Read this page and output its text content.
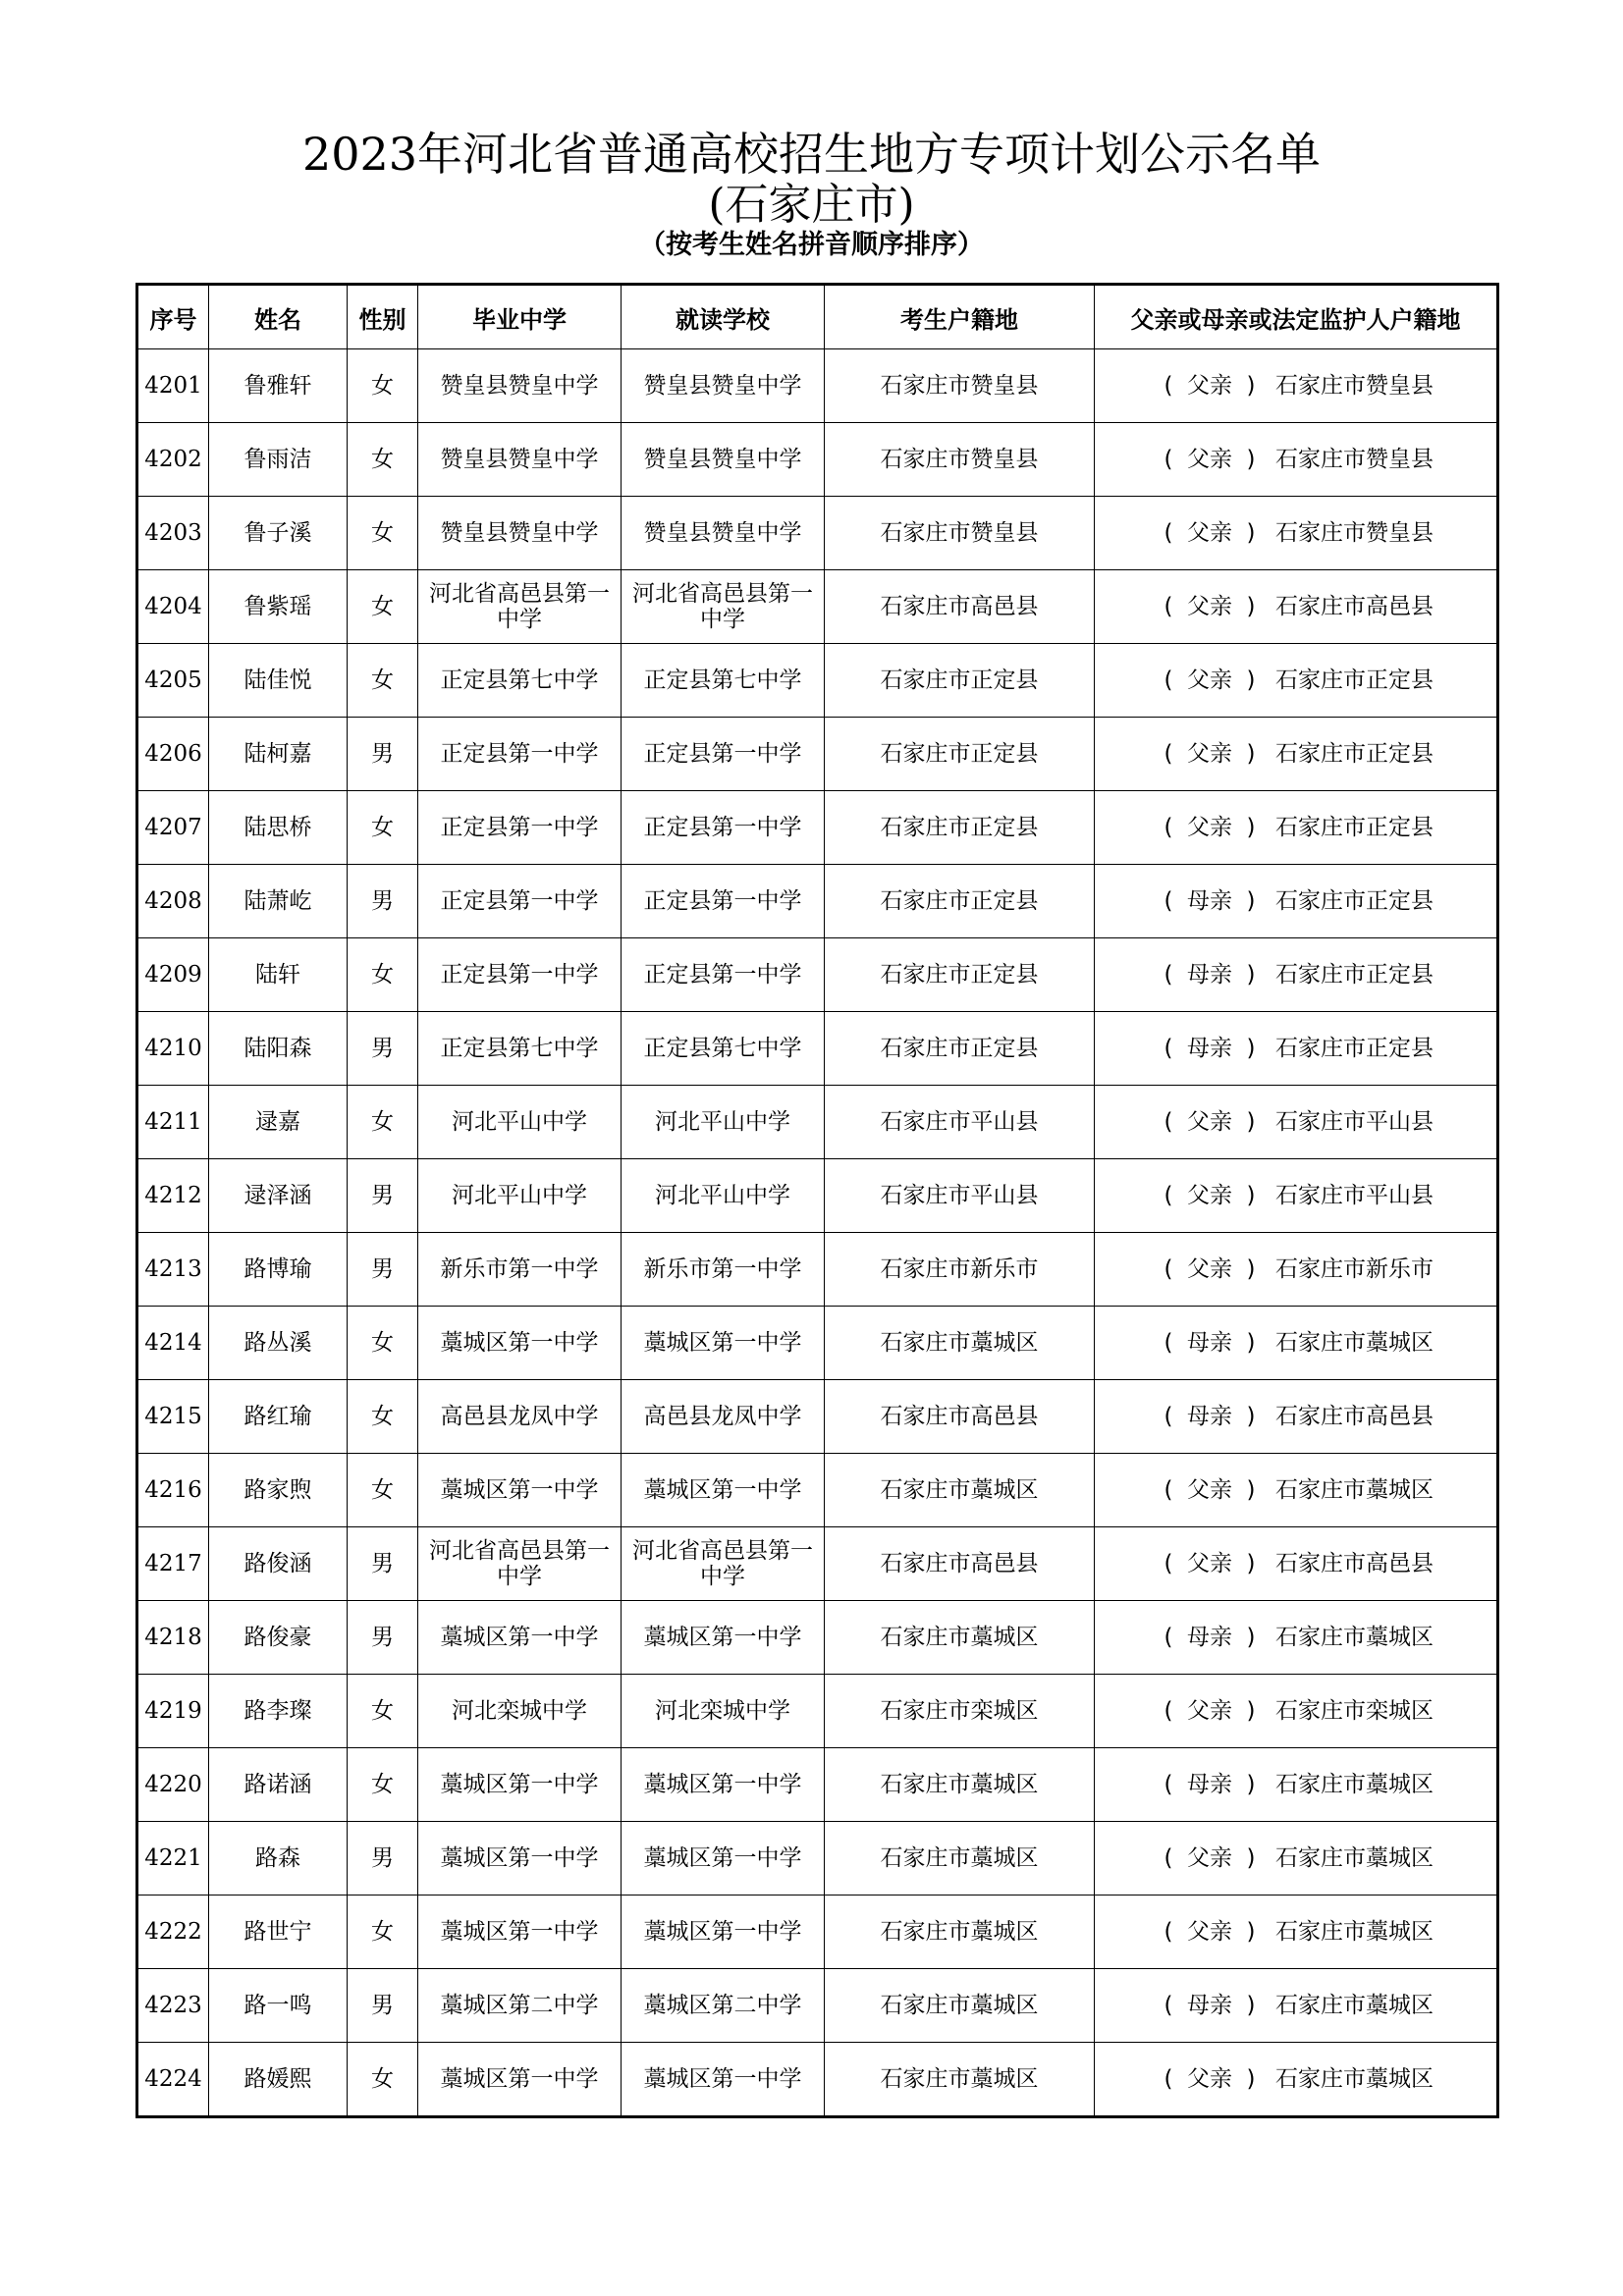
2023年河北省普通高校招生地方专项计划公示名单
(石家庄市)
（按考生姓名拼音顺序排序）
序号	姓名	性别	毕业中学	就读学校	考生户籍地	父亲或母亲或法定监护人户籍地
4201	鲁雅轩	女	赞皇县赞皇中学	赞皇县赞皇中学	石家庄市赞皇县	( 父亲 ) 石家庄市赞皇县
4202	鲁雨洁	女	赞皇县赞皇中学	赞皇县赞皇中学	石家庄市赞皇县	( 父亲 ) 石家庄市赞皇县
4203	鲁子溪	女	赞皇县赞皇中学	赞皇县赞皇中学	石家庄市赞皇县	( 父亲 ) 石家庄市赞皇县
4204	鲁紫瑶	女	河北省高邑县第一中学	河北省高邑县第一中学	石家庄市高邑县	( 父亲 ) 石家庄市高邑县
4205	陆佳悦	女	正定县第七中学	正定县第七中学	石家庄市正定县	( 父亲 ) 石家庄市正定县
4206	陆柯嘉	男	正定县第一中学	正定县第一中学	石家庄市正定县	( 父亲 ) 石家庄市正定县
4207	陆思桥	女	正定县第一中学	正定县第一中学	石家庄市正定县	( 父亲 ) 石家庄市正定县
4208	陆萧屹	男	正定县第一中学	正定县第一中学	石家庄市正定县	( 母亲 ) 石家庄市正定县
4209	陆轩	女	正定县第一中学	正定县第一中学	石家庄市正定县	( 母亲 ) 石家庄市正定县
4210	陆阳森	男	正定县第七中学	正定县第七中学	石家庄市正定县	( 母亲 ) 石家庄市正定县
4211	逯嘉	女	河北平山中学	河北平山中学	石家庄市平山县	( 父亲 ) 石家庄市平山县
4212	逯泽涵	男	河北平山中学	河北平山中学	石家庄市平山县	( 父亲 ) 石家庄市平山县
4213	路博瑜	男	新乐市第一中学	新乐市第一中学	石家庄市新乐市	( 父亲 ) 石家庄市新乐市
4214	路丛溪	女	藁城区第一中学	藁城区第一中学	石家庄市藁城区	( 母亲 ) 石家庄市藁城区
4215	路红瑜	女	高邑县龙凤中学	高邑县龙凤中学	石家庄市高邑县	( 母亲 ) 石家庄市高邑县
4216	路家煦	女	藁城区第一中学	藁城区第一中学	石家庄市藁城区	( 父亲 ) 石家庄市藁城区
4217	路俊涵	男	河北省高邑县第一中学	河北省高邑县第一中学	石家庄市高邑县	( 父亲 ) 石家庄市高邑县
4218	路俊豪	男	藁城区第一中学	藁城区第一中学	石家庄市藁城区	( 母亲 ) 石家庄市藁城区
4219	路李璨	女	河北栾城中学	河北栾城中学	石家庄市栾城区	( 父亲 ) 石家庄市栾城区
4220	路诺涵	女	藁城区第一中学	藁城区第一中学	石家庄市藁城区	( 母亲 ) 石家庄市藁城区
4221	路森	男	藁城区第一中学	藁城区第一中学	石家庄市藁城区	( 父亲 ) 石家庄市藁城区
4222	路世宁	女	藁城区第一中学	藁城区第一中学	石家庄市藁城区	( 父亲 ) 石家庄市藁城区
4223	路一鸣	男	藁城区第二中学	藁城区第二中学	石家庄市藁城区	( 母亲 ) 石家庄市藁城区
4224	路媛熙	女	藁城区第一中学	藁城区第一中学	石家庄市藁城区	( 父亲 ) 石家庄市藁城区
